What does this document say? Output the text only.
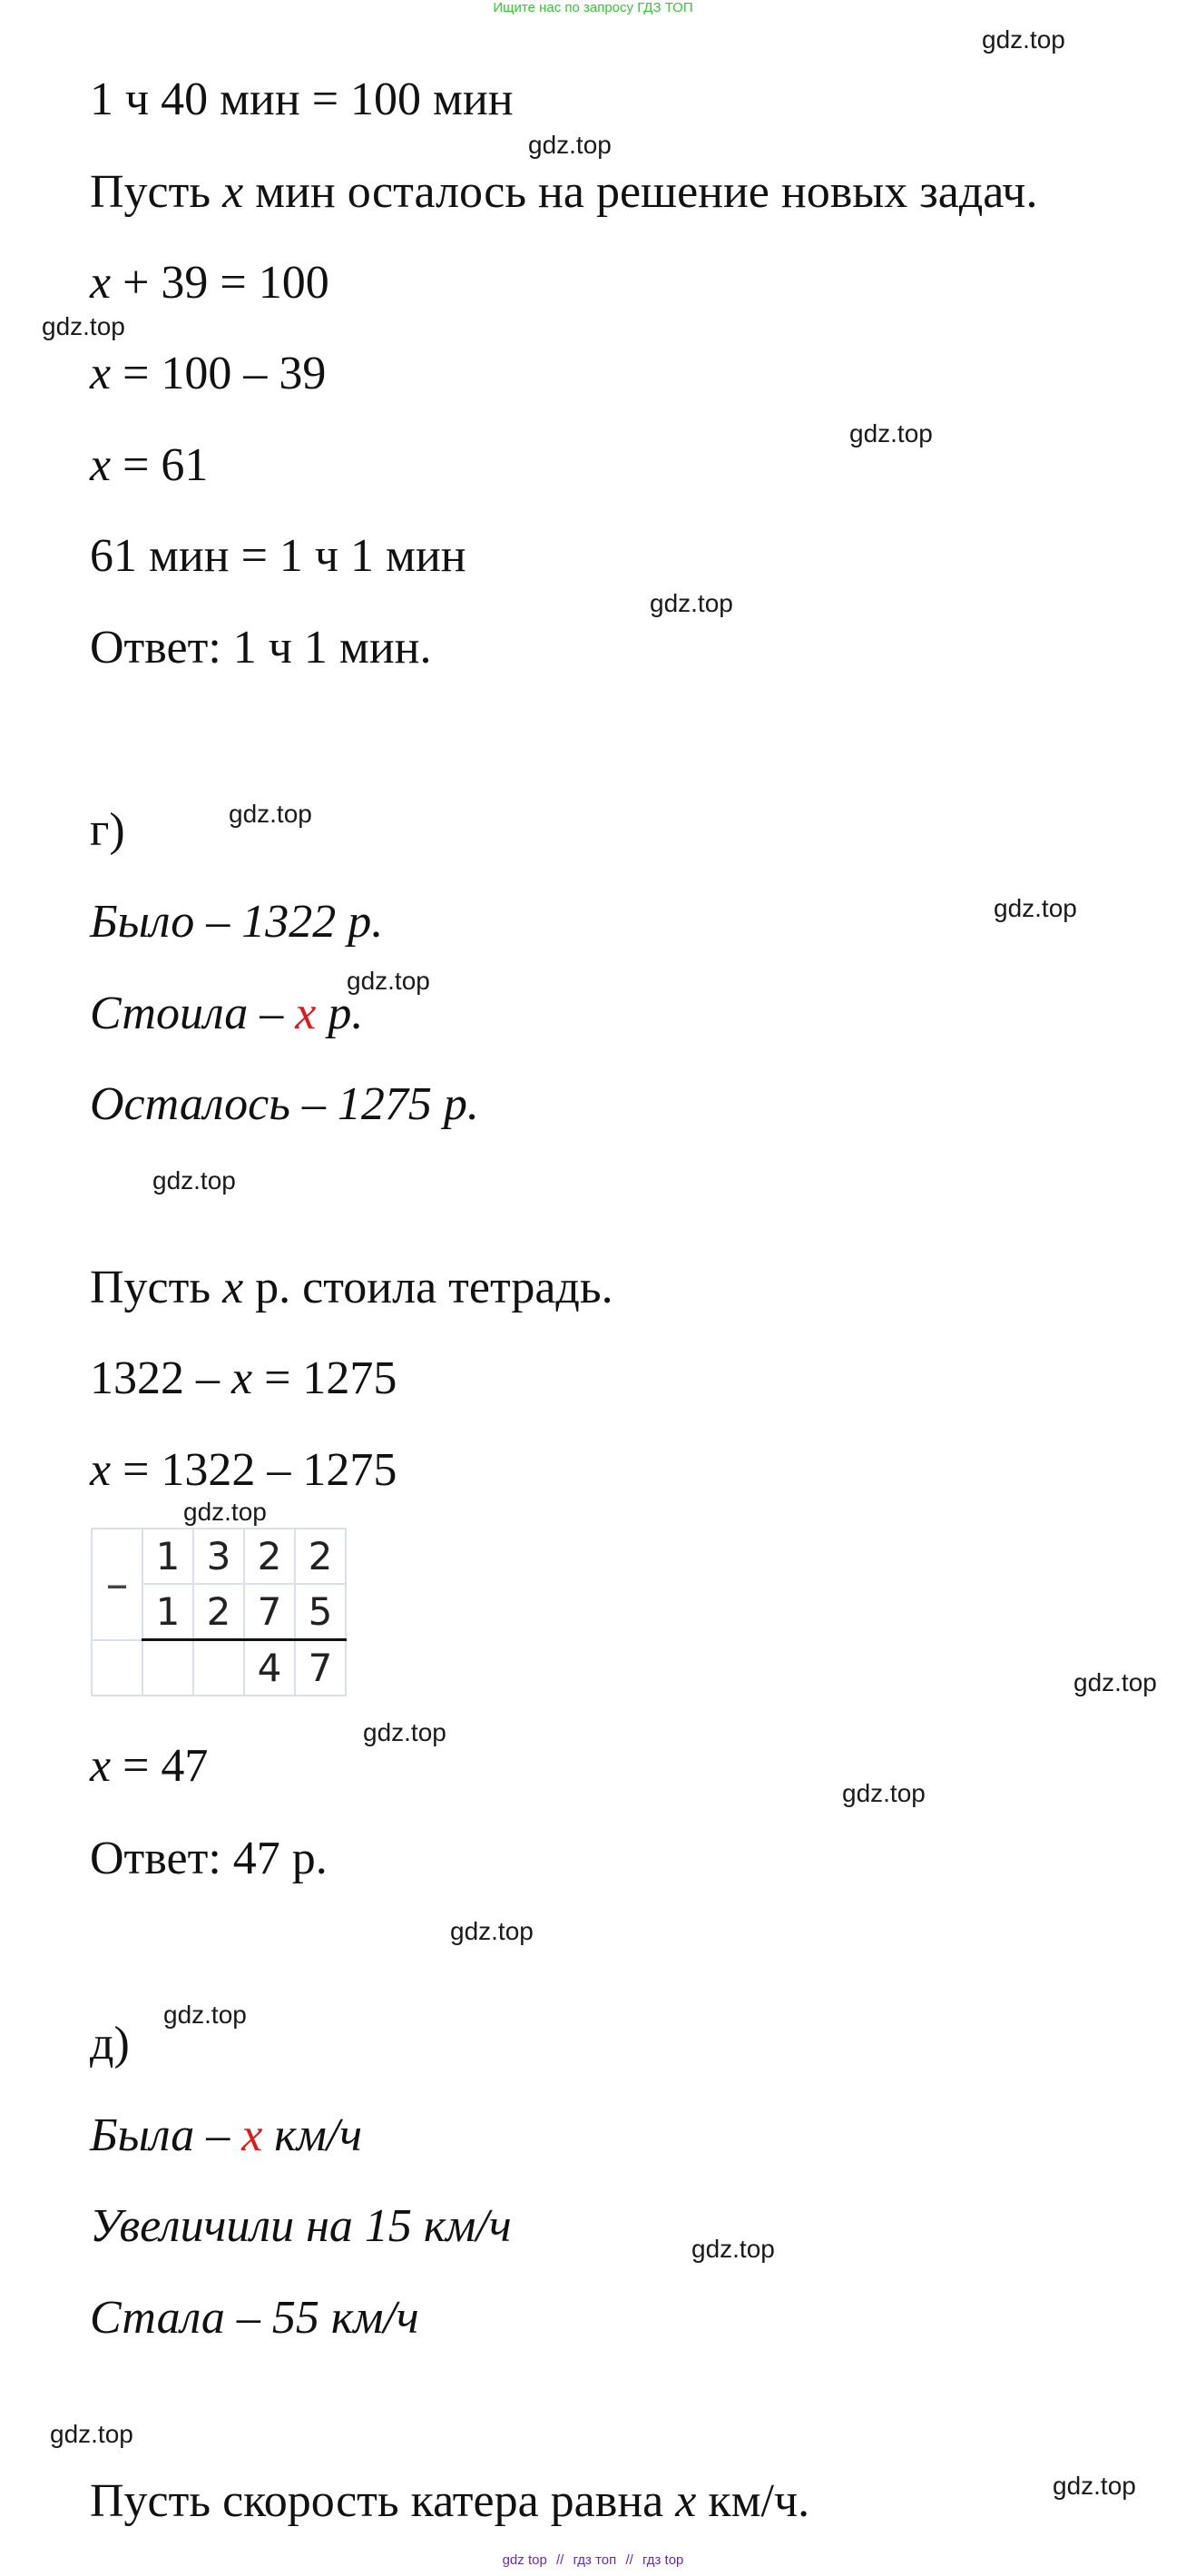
Ищите нас по запросу ГДЗ ТОП
gdz.top
gdz.top
gdz.top
gdz.top
gdz.top
gdz.top
gdz.top
gdz.top
gdz.top
gdz.top
gdz.top
gdz.top
gdz.top
gdz.top
gdz.top
gdz.top
gdz.top
gdz.top
1 ч 40 мин = 100 мин
Пусть x мин осталось на решение новых задач.
x + 39 = 100
x = 100 – 39
x = 61
61 мин = 1 ч 1 мин
Ответ: 1 ч 1 мин.
г)
Было – 1322 р.
Стоила – x р.
Осталось – 1275 р.
Пусть x р. стоила тетрадь.
1322 – x = 1275
x = 1322 – 1275
–	1	3	2	2
	1	2	7	5
			4	7
x = 47
Ответ: 47 р.
д)
Была – x км/ч
Увеличили на 15 км/ч
Стала – 55 км/ч
Пусть скорость катера равна x км/ч.
gdz top // гдз топ // гдз top
